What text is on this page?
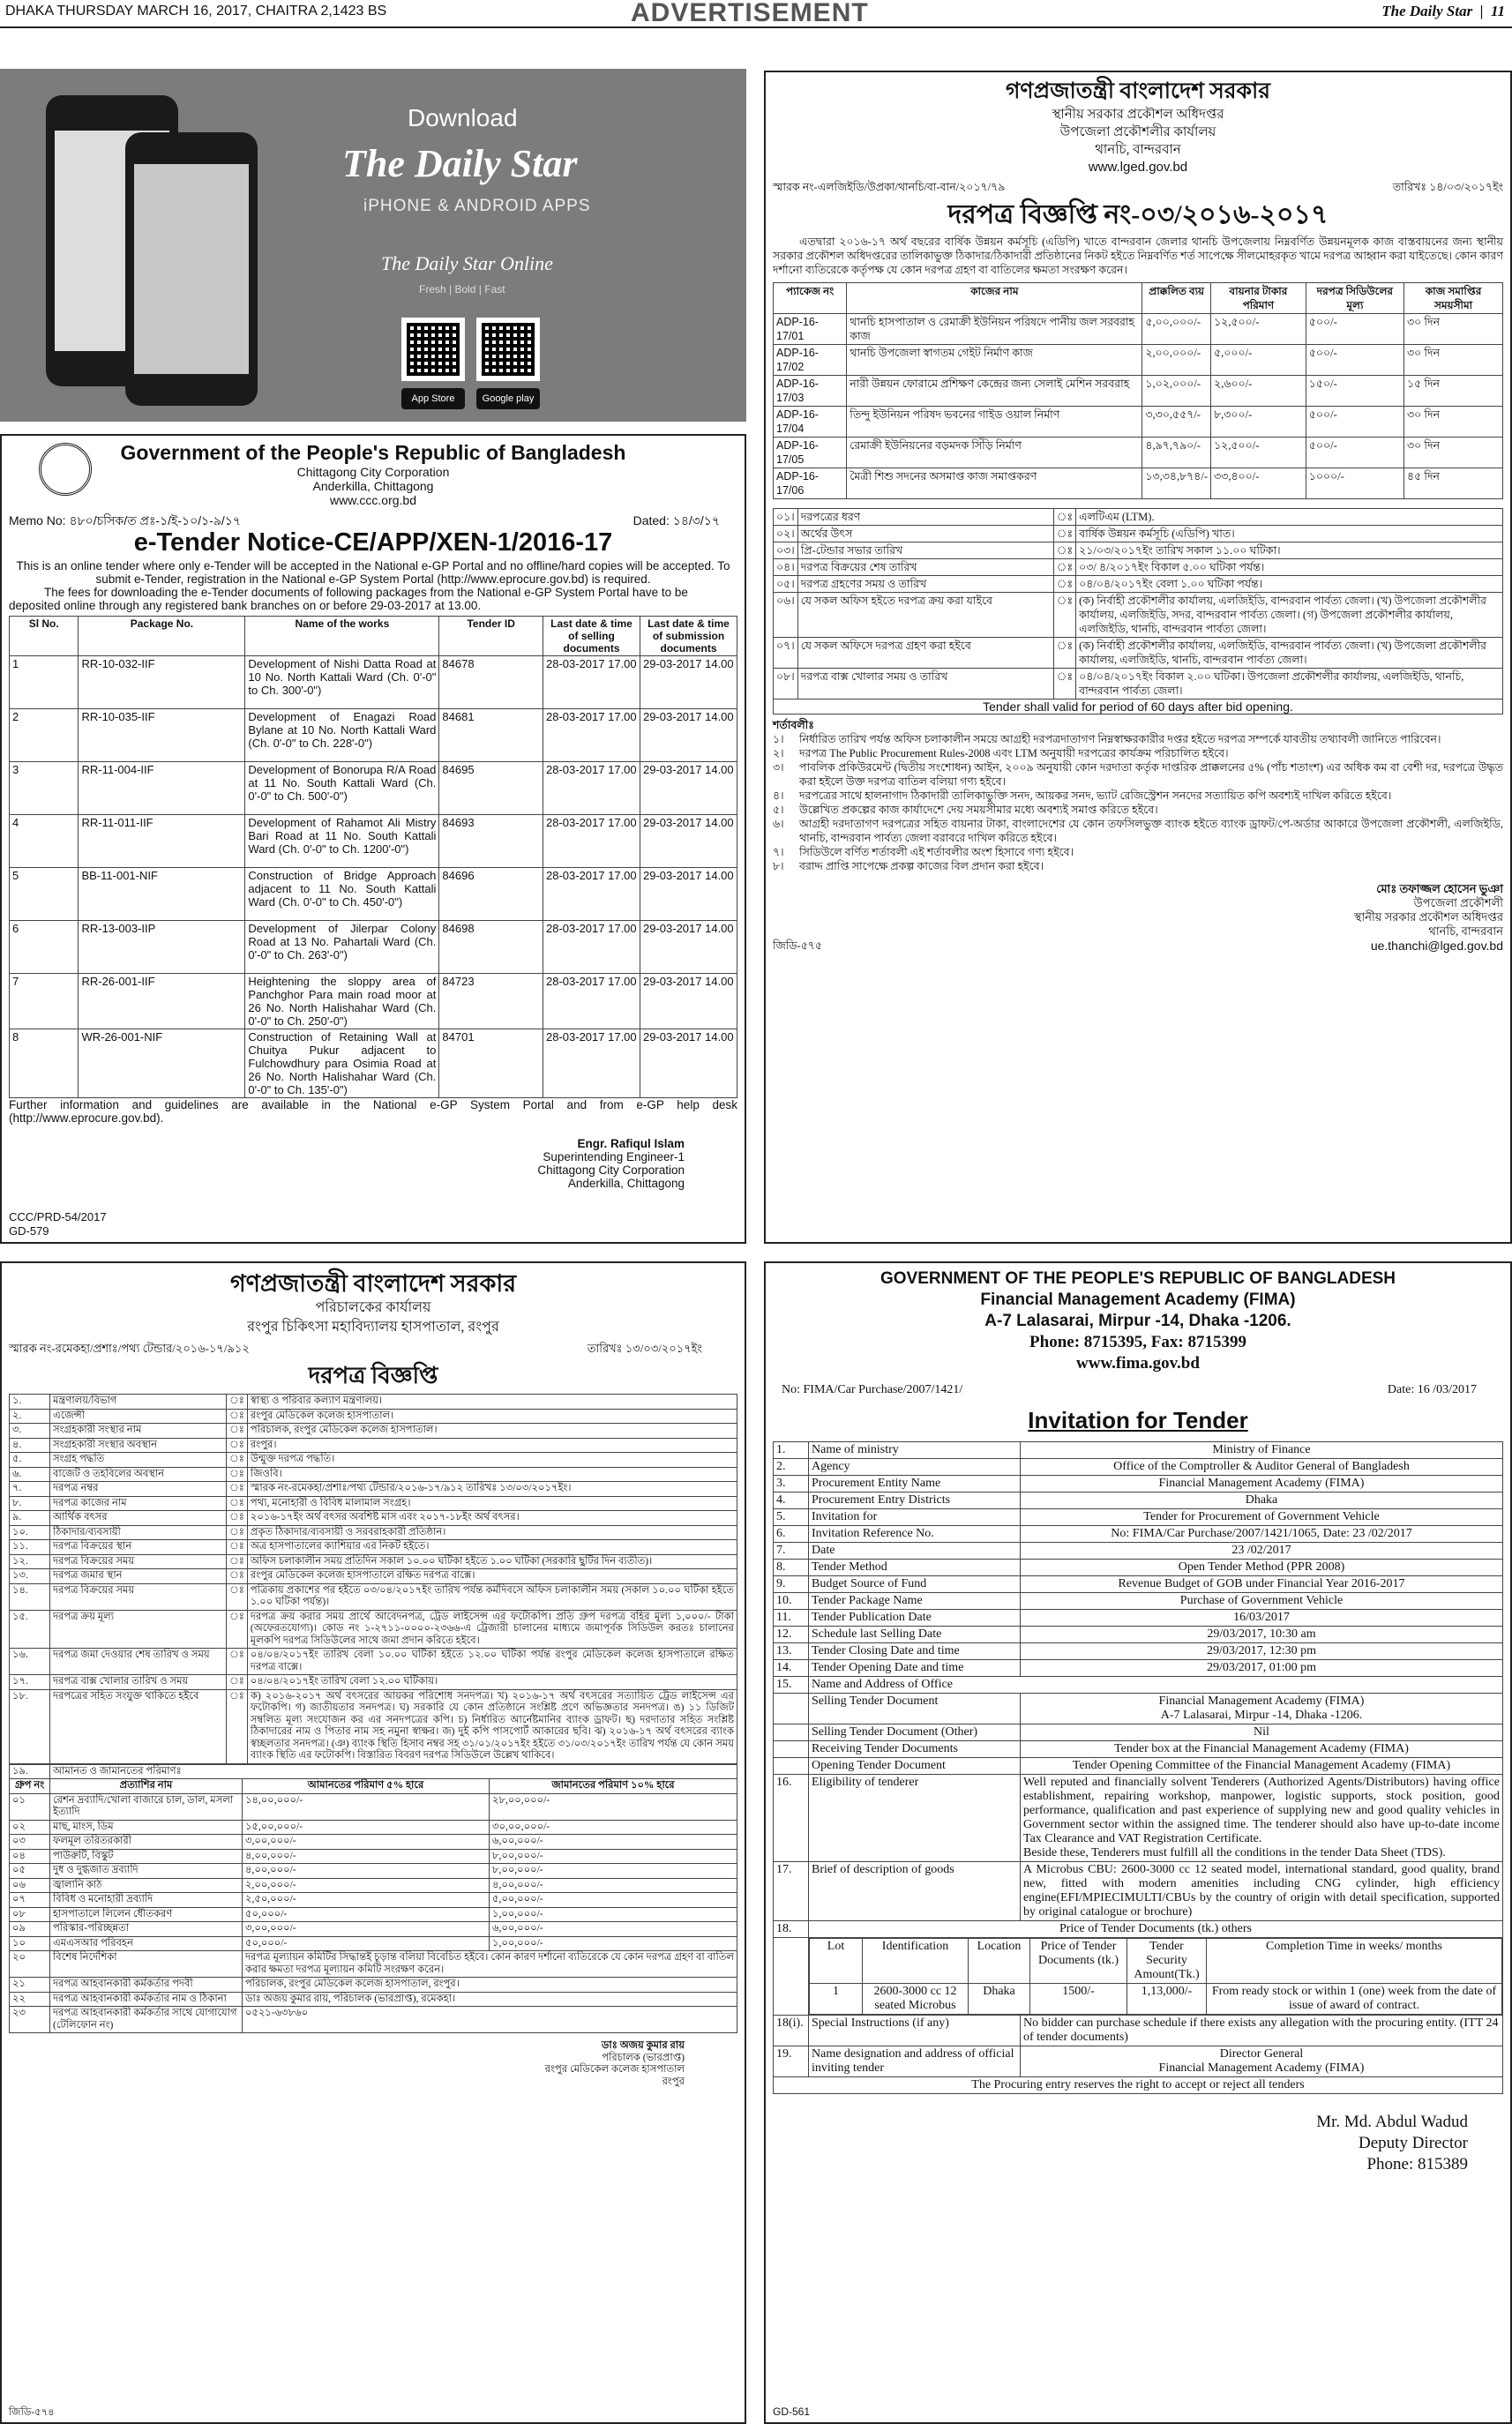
DHAKA THURSDAY MARCH 16, 2017, CHAITRA 2,1423 BS	ADVERTISEMENT	The Daily Star  |  11
Download
The Daily Star
iPHONE & ANDROID APPS
The Daily Star Online
Fresh | Bold | Fast
App Store	Google play
Government of the People's Republic of Bangladesh
Chittagong City Corporation
Anderkilla, Chittagong
www.ccc.org.bd
Memo No: ৪৮০/চসিক/ত প্রঃ-১/ই-১০/১-৯/১৭	Dated: ১৪/৩/১৭
e-Tender Notice-CE/APP/XEN-1/2016-17
This is an online tender where only e-Tender will be accepted in the National e-GP Portal and no offline/hard copies will be accepted. To submit e-Tender, registration in the National e-GP System Portal (http://www.eprocure.gov.bd) is required.
The fees for downloading the e-Tender documents of following packages from the National e-GP System Portal have to be deposited online through any registered bank branches on or before 29-03-2017 at 13.00.
Sl No.	Package No.	Name of the works	Tender ID	Last date & time of selling documents	Last date & time of submission documents
1	RR-10-032-IIF	Development of Nishi Datta Road at 10 No. North Kattali Ward (Ch. 0'-0" to Ch. 300'-0")	84678	28-03-2017 17.00	29-03-2017 14.00
2	RR-10-035-IIF	Development of Enagazi Road Bylane at 10 No. North Kattali Ward (Ch. 0'-0" to Ch. 228'-0")	84681	28-03-2017 17.00	29-03-2017 14.00
3	RR-11-004-IIF	Development of Bonorupa R/A Road at 11 No. South Kattali Ward (Ch. 0'-0" to Ch. 500'-0")	84695	28-03-2017 17.00	29-03-2017 14.00
4	RR-11-011-IIF	Development of Rahamot Ali Mistry Bari Road at 11 No. South Kattali Ward (Ch. 0'-0" to Ch. 1200'-0")	84693	28-03-2017 17.00	29-03-2017 14.00
5	BB-11-001-NIF	Construction of Bridge Approach adjacent to 11 No. South Kattali Ward (Ch. 0'-0" to Ch. 450'-0")	84696	28-03-2017 17.00	29-03-2017 14.00
6	RR-13-003-IIP	Development of Jilerpar Colony Road at 13 No. Pahartali Ward (Ch. 0'-0" to Ch. 263'-0")	84698	28-03-2017 17.00	29-03-2017 14.00
7	RR-26-001-IIF	Heightening the sloppy area of Panchghor Para main road moor at 26 No. North Halishahar Ward (Ch. 0'-0" to Ch. 250'-0")	84723	28-03-2017 17.00	29-03-2017 14.00
8	WR-26-001-NIF	Construction of Retaining Wall at Chuitya Pukur adjacent to Fulchowdhury para Osimia Road at 26 No. North Halishahar Ward (Ch. 0'-0" to Ch. 135'-0")	84701	28-03-2017 17.00	29-03-2017 14.00
Further information and guidelines are available in the National e-GP System Portal and from e-GP help desk (http://www.eprocure.gov.bd).
Engr. Rafiqul Islam
Superintending Engineer-1
Chittagong City Corporation
Anderkilla, Chittagong
CCC/PRD-54/2017
GD-579
গণপ্রজাতন্ত্রী বাংলাদেশ সরকার
স্থানীয় সরকার প্রকৌশল অধিদপ্তর
উপজেলা প্রকৌশলীর কার্যালয়
থানচি, বান্দরবান
www.lged.gov.bd
স্মারক নং-এলজিইডি/উপ্রকা/থানচি/বা-বান/২০১৭/৭৯	তারিখঃ ১৪/০৩/২০১৭ইং
দরপত্র বিজ্ঞপ্তি নং-০৩/২০১৬-২০১৭
এতদ্বারা ২০১৬-১৭ অর্থ বছরের বার্ষিক উন্নয়ন কর্মসূচি (এডিপি) খাতে বান্দরবান জেলার থানচি উপজেলায় নিম্নবর্ণিত উন্নয়নমূলক কাজ বাস্তবায়নের জন্য স্থানীয় সরকার প্রকৌশল অধিদপ্তরের তালিকাভুক্ত ঠিকাদার/ঠিকাদারী প্রতিষ্ঠানের নিকট হইতে নিম্নবর্ণিত শর্ত সাপেক্ষে সীলমোহরকৃত খামে দরপত্র আহ্বান করা যাইতেছে। কোন কারণ দর্শানো ব্যতিরেকে কর্তৃপক্ষ যে কোন দরপত্র গ্রহণ বা বাতিলের ক্ষমতা সংরক্ষণ করেন।
প্যাকেজ নং	কাজের নাম	প্রাক্কলিত ব্যয়	বায়নার টাকার পরিমাণ	দরপত্র সিডিউলের মূল্য	কাজ সমাপ্তির সময়সীমা
ADP-16-17/01	থানচি হাসপাতাল ও রেমাক্রী ইউনিয়ন পরিষদে পানীয় জল সরবরাহ কাজ	৫,০০,০০০/-	১২,৫০০/-	৫০০/-	৩০ দিন
ADP-16-17/02	থানচি উপজেলা স্বাগতম গেইট নির্মাণ কাজ	২,০০,০০০/-	৫,০০০/-	৫০০/-	৩০ দিন
ADP-16-17/03	নারী উন্নয়ন ফোরামে প্রশিক্ষণ কেন্দ্রের জন্য সেলাই মেশিন সরবরাহ	১,০২,০০০/-	২,৬০০/-	১৫০/-	১৫ দিন
ADP-16-17/04	তিন্দু ইউনিয়ন পরিষদ ভবনের গাইড ওয়াল নির্মাণ	৩,৩০,৫৫৭/-	৮,৩০০/-	৫০০/-	৩০ দিন
ADP-16-17/05	রেমাক্রী ইউনিয়নের বড়মদক সিঁড়ি নির্মাণ	৪,৯৭,৭৯০/-	১২,৫০০/-	৫০০/-	৩০ দিন
ADP-16-17/06	মৈত্রী শিশু সদনের অসমাপ্ত কাজ সমাপ্তকরণ	১৩,৩৪,৮৭৪/-	৩৩,৪০০/-	১০০০/-	৪৫ দিন
০১।	দরপত্রের ধরণ	ঃ	এলটিএম (LTM).
০২।	অর্থের উৎস	ঃ	বার্ষিক উন্নয়ন কর্মসূচি (এডিপি) খাত।
০৩।	প্রি-টেন্ডার সভার তারিখ	ঃ	২১/০৩/২০১৭ইং তারিখ সকাল ১১.০০ ঘটিকা।
০৪।	দরপত্র বিক্রয়ের শেষ তারিখ	ঃ	০৩/ ৪/২০১৭ইং বিকাল ৫.০০ ঘটিকা পর্যন্ত।
০৫।	দরপত্র গ্রহণের সময় ও তারিখ	ঃ	০৪/০৪/২০১৭ইং বেলা ১.০০ ঘটিকা পর্যন্ত।
০৬।	যে সকল অফিস হইতে দরপত্র ক্রয় করা যাইবে	ঃ	(ক) নির্বাহী প্রকৌশলীর কার্যালয়, এলজিইডি, বান্দরবান পার্বত্য জেলা। (খ) উপজেলা প্রকৌশলীর কার্যালয়, এলজিইডি, সদর, বান্দরবান পার্বত্য জেলা। (গ) উপজেলা প্রকৌশলীর কার্যালয়, এলজিইডি, থানচি, বান্দরবান পার্বত্য জেলা।
০৭।	যে সকল অফিসে দরপত্র গ্রহণ করা হইবে	ঃ	(ক) নির্বাহী প্রকৌশলীর কার্যালয়, এলজিইডি, বান্দরবান পার্বত্য জেলা। (খ) উপজেলা প্রকৌশলীর কার্যালয়, এলজিইডি, থানচি, বান্দরবান পার্বত্য জেলা।
০৮।	দরপত্র বাক্স খোলার সময় ও তারিখ	ঃ	০৪/০৪/২০১৭ইং বিকাল ২.০০ ঘটিকা। উপজেলা প্রকৌশলীর কার্যালয়, এলজিইডি, থানচি, বান্দরবান পার্বত্য জেলা।
Tender shall valid for period of 60 days after bid opening.
শর্তাবলীঃ
১।	নির্ধারিত তারিখ পর্যন্ত অফিস চলাকালীন সময়ে আগ্রহী দরপত্রদাতাগণ নিম্নস্বাক্ষরকারীর দপ্তর হইতে দরপত্র সম্পর্কে যাবতীয় তথ্যাবলী জানিতে পারিবেন।
২।	দরপত্র The Public Procurement Rules-2008 এবং LTM অনুযায়ী দরপত্রের কার্যক্রম পরিচালিত হইবে।
৩।	পাবলিক প্রকিউরমেন্ট (দ্বিতীয় সংশোধন) আইন, ২০০৯ অনুযায়ী কোন দরদাতা কর্তৃক দাপ্তরিক প্রাক্কলনের ৫% (পাঁচ শতাংশ) এর অধিক কম বা বেশী দর, দরপত্রে উদ্ধৃত করা হইলে উক্ত দরপত্র বাতিল বলিয়া গণ্য হইবে।
৪।	দরপত্রের সাথে হালনাগাদ ঠিকাদারী তালিকাভুক্তি সনদ, আয়কর সনদ, ভ্যাট রেজিস্ট্রেশন সনদের সত্যায়িত কপি অবশ্যই দাখিল করিতে হইবে।
৫।	উল্লেখিত প্রকল্পের কাজ কার্যাদেশে দেয় সময়সীমার মধ্যে অবশ্যই সমাপ্ত করিতে হইবে।
৬।	আগ্রহী দরদাতাগণ দরপত্রের সহিত বায়নার টাকা, বাংলাদেশের যে কোন তফসিলভুক্ত ব্যাংক হইতে ব্যাংক ড্রাফট/পে-অর্ডার আকারে উপজেলা প্রকৌশলী, এলজিইডি, থানচি, বান্দরবান পার্বত্য জেলা বরাবরে দাখিল করিতে হইবে।
৭।	সিডিউলে বর্ণিত শর্তাবলী এই শর্তাবলীর অংশ হিসাবে গণ্য হইবে।
৮।	বরাদ্দ প্রাপ্তি সাপেক্ষে প্রকল্প কাজের বিল প্রদান করা হইবে।
মোঃ তফাজ্জল হোসেন ভুঞা
উপজেলা প্রকৌশলী
স্থানীয় সরকার প্রকৌশল অধিদপ্তর
থানচি, বান্দরবান
জিডি-৫৭৫	ue.thanchi@lged.gov.bd
গণপ্রজাতন্ত্রী বাংলাদেশ সরকার
পরিচালকের কার্যালয়
রংপুর চিকিৎসা মহাবিদ্যালয় হাসপাতাল, রংপুর
স্মারক নং-রমেকহা/প্রশাঃ/পথ্য টেন্ডার/২০১৬-১৭/৯১২	তারিখঃ ১৩/০৩/২০১৭ইং
দরপত্র বিজ্ঞপ্তি
১.	মন্ত্রণালয়/বিভাগ	ঃ	স্বাস্থ্য ও পরিবার কল্যাণ মন্ত্রণালয়।
২.	এজেন্সী	ঃ	রংপুর মেডিকেল কলেজ হাসপাতাল।
৩.	সংগ্রহকারী সংস্থার নাম	ঃ	পরিচালক, রংপুর মেডিকেল কলেজ হাসপাতাল।
৪.	সংগ্রহকারী সংস্থার অবস্থান	ঃ	রংপুর।
৫.	সংগ্রহ পদ্ধতি	ঃ	উন্মুক্ত দরপত্র পদ্ধতি।
৬.	বাজেট ও তহবিলের অবস্থান	ঃ	জিওবি।
৭.	দরপত্র নম্বর	ঃ	স্মারক নং-রমেকহা/প্রশাঃ/পথ্য টেন্ডার/২০১৬-১৭/৯১২ তারিখঃ ১৩/০৩/২০১৭ইং।
৮.	দরপত্র কাজের নাম	ঃ	পথ্য, মনোহারী ও বিবিধ মালামাল সংগ্রহ।
৯.	আর্থিক বৎসর	ঃ	২০১৬-১৭ইং অর্থ বৎসর অবশিষ্ট মাস এবং ২০১৭-১৮ইং অর্থ বৎসর।
১০.	ঠিকাদার/ব্যবসায়ী	ঃ	প্রকৃত ঠিকাদার/ব্যবসায়ী ও সরবরাহকারী প্রতিষ্ঠান।
১১.	দরপত্র বিক্রয়ের স্থান	ঃ	অত্র হাসপাতালের ক্যাশিয়ার এর নিকট হইতে।
১২.	দরপত্র বিক্রয়ের সময়	ঃ	অফিস চলাকালীন সময় প্রতিদিন সকাল ১০.০০ ঘটিকা হইতে ১.০০ ঘটিকা (সরকারি ছুটির দিন ব্যতীত)।
১৩.	দরপত্র জমার স্থান	ঃ	রংপুর মেডিকেল কলেজ হাসপাতালে রক্ষিত দরপত্র বাক্সে।
১৪.	দরপত্র বিক্রয়ের সময়	ঃ	পত্রিকায় প্রকাশের পর হইতে ০৩/০৪/২০১৭ইং তারিখ পর্যন্ত কর্মদিবসে অফিস চলাকালীন সময় (সকাল ১০.০০ ঘটিকা হইতে ১.০০ ঘটিকা পর্যন্ত)।
১৫.	দরপত্র ক্রয় মূল্য	ঃ	দরপত্র ক্রয় করার সময় প্রার্থে আবেদনপত্র, ট্রেড লাইসেন্স এর ফটোকপি। প্রতি গ্রুপ দরপত্র বহির মূল্য ১,০০০/- টাকা (অফেরতযোগ্য)। কোড নং ১-২৭১১-০০০০-২৩৬৬-এ ট্রেজারী চালানের মাধ্যমে জমাপূর্বক সিডিউল করতঃ চালানের মূলকপি দরপত্র সিডিউলের সাথে জমা প্রদান করিতে হইবে।
১৬.	দরপত্র জমা দেওয়ার শেষ তারিখ ও সময়	ঃ	০৪/০৪/২০১৭ইং তারিখ বেলা ১০.০০ ঘটিকা হইতে ১২.০০ ঘটিকা পর্যন্ত রংপুর মেডিকেল কলেজ হাসপাতালে রক্ষিত দরপত্র বাক্সে।
১৭.	দরপত্র বাক্স খোলার তারিখ ও সময়	ঃ	০৪/০৪/২০১৭ইং তারিখ বেলা ১২.০০ ঘটিকায়।
১৮.	দরপত্রের সহিত সংযুক্ত থাকিতে হইবে	ঃ	ক) ২০১৬-২০১৭ অর্থ বৎসরের আয়কর পরিশোধ সনদপত্র। খ) ২০১৬-১৭ অর্থ বৎসরের সত্যায়িত ট্রেড লাইসেন্স এর ফটোকপি। গ) জাতীয়তার সনদপত্র। ঘ) সরকারি যে কোন প্রতিষ্ঠানে সংশ্লিষ্ট প্রণে অভিজ্ঞতার সনদপত্র। ঙ) ১১ ডিজিট সম্বলিত মূল্য সংযোজন কর এর সনদপত্রের কপি। চ) নির্ধারিত আর্নেষ্টমানির ব্যাংক ড্রাফট। ছ) দরদাতার সহিত সংশ্লিষ্ট ঠিকাদারের নাম ও পিতার নাম সহ নমুনা স্বাক্ষর। জ) দুই কপি পাসপোর্ট আকারের ছবি। ঝ) ২০১৬-১৭ অর্থ বৎসরের ব্যাংক স্বচ্ছলতার সনদপত্র। (ঞ) ব্যাংক স্থিতি হিসাব নম্বর সহ ৩১/০১/২০১৭ইং হইতে ৩১/০৩/২০১৭ইং তারিখ পর্যন্ত যে কোন সময় ব্যাংক স্থিতি এর ফটোকপি। বিস্তারিত বিবরণ দরপত্র সিডিউলে উল্লেখ থাকিবে।
১৯.	আমানত ও জামানতের পরিমাণঃ		
গ্রুপ নং	প্রত্যাশির নাম	আমানতের পরিমাণ ৫% হারে	জামানতের পরিমাণ ১০% হারে
০১	রেশন দ্রব্যাদি/খোলা বাজারে চাল, ডাল, মসলা ইত্যাদি	১৪,০০,০০০/-	২৮,০০,০০০/-
০২	মাছ, মাংস, ডিম	১৫,০০,০০০/-	৩০,০০,০০০/-
০৩	ফলমূল তরিতরকারী	৩,০০,০০০/-	৬,০০,০০০/-
০৪	পাউরুটি, বিস্কুট	৪,০০,০০০/-	৮,০০,০০০/-
০৫	দুধ ও দুগ্ধজাত দ্রব্যাদি	৪,০০,০০০/-	৮,০০,০০০/-
০৬	জ্বালানি কাঠ	২,০০,০০০/-	৪,০০,০০০/-
০৭	বিবিধ ও মনোহারী দ্রব্যাদি	২,৫০,০০০/-	৫,০০,০০০/-
০৮	হাসপাতালে লিলেন ধৌতকরণ	৫০,০০০/-	১,০০,০০০/-
০৯	পরিস্কার-পরিচ্ছন্নতা	৩,০০,০০০/-	৬,০০,০০০/-
১০	এমএসআর পরিবহন	৫০,০০০/-	১,০০,০০০/-
২০	বিশেষ নির্দেশিকা	দরপত্র মূল্যায়ন কমিটির সিদ্ধান্তই চূড়ান্ত বলিয়া বিবেচিত হইবে। কোন কারণ দর্শানো ব্যতিরেকে যে কোন দরপত্র গ্রহণ বা বাতিল করার ক্ষমতা দরপত্র মূল্যায়ন কমিটি সংরক্ষণ করেন।	
২১	দরপত্র আহবানকারী কর্মকর্তার পদবী	পরিচালক, রংপুর মেডিকেল কলেজ হাসপাতাল, রংপুর।	
২২	দরপত্র আহবানকারী কর্মকর্তার নাম ও ঠিকানা	ডাঃ অজয় কুমার রায়, পরিচালক (ভারপ্রাপ্ত), রমেকহা।	
২৩	দরপত্র আহবানকারী কর্মকর্তার সাথে যোগাযোগ (টেলিফোন নং)	০৫২১-৬৩৮৬০	
ডাঃ অজয় কুমার রায়
পরিচালক (ভারপ্রাপ্ত)
রংপুর মেডিকেল কলেজ হাসপাতাল
রংপুর
জিডি-৫৭৪
GOVERNMENT OF THE PEOPLE'S REPUBLIC OF BANGLADESH
Financial Management Academy (FIMA)
A-7 Lalasarai, Mirpur -14, Dhaka -1206.
Phone: 8715395, Fax: 8715399
www.fima.gov.bd
No: FIMA/Car Purchase/2007/1421/	Date: 16 /03/2017
Invitation for Tender
1.	Name of ministry	Ministry of Finance
2.	Agency	Office of the Comptroller & Auditor General of Bangladesh
3.	Procurement Entity Name	Financial Management Academy (FIMA)
4.	Procurement Entry Districts	Dhaka
5.	Invitation for	Tender for Procurement of Government Vehicle
6.	Invitation Reference No.	No: FIMA/Car Purchase/2007/1421/1065, Date: 23 /02/2017
7.	Date	23 /02/2017
8.	Tender Method	Open Tender Method (PPR 2008)
9.	Budget Source of Fund	Revenue Budget of GOB under Financial Year 2016-2017
10.	Tender Package Name	Purchase of Government Vehicle
11.	Tender Publication Date	16/03/2017
12.	Schedule last Selling Date	29/03/2017, 10:30 am
13.	Tender Closing Date and time	29/03/2017, 12:30 pm
14.	Tender Opening Date and time	29/03/2017, 01:00 pm
15.	Name and Address of Office
	Selling Tender Document	Financial Management Academy (FIMA)
A-7 Lalasarai, Mirpur -14, Dhaka -1206.

	Selling Tender Document (Other)	Nil
	Receiving Tender Documents	Tender box at the Financial Management Academy (FIMA)
	Opening Tender Document	Tender Opening Committee of the Financial Management Academy (FIMA)
16.	Eligibility of tenderer	Well reputed and financially solvent Tenderers (Authorized Agents/Distributors) having office establishment, repairing workshop, manpower, logistic supports, stock position, good performance, qualification and past experience of supplying new and good quality vehicles in Government sector within the assigned time. The tenderer should also have up-to-date income Tax Clearance and VAT Registration Certificate.
Beside these, Tenderers must fulfill all the conditions in the tender Data Sheet (TDS).

17.	Brief of description of goods	A Microbus CBU: 2600-3000 cc 12 seated model, international standard, good quality, brand new, fitted with modern amenities including CNG cylinder, high efficiency engine(EFI/MPIECIMULTI/CBUs by the country of origin with detail specification, supported by original catalogue or brochure)
18.	Price of Tender Documents (tk.) others

Lot	Identification	Location	Price of Tender Documents (tk.)	Tender Security Amount(Tk.)	Completion Time in weeks/ months
1	2600-3000 cc 12 seated Microbus	Dhaka	1500/-	1,13,000/-	From ready stock or within 1 (one) week from the date of issue of award of contract.

18(i).	Special Instructions (if any)	No bidder can purchase schedule if there exists any allegation with the procuring entity. (ITT 24 of tender documents)
19.	Name designation and address of official inviting tender	
Director General
Financial Management Academy (FIMA)

The Procuring entry reserves the right to accept or reject all tenders
Mr. Md. Abdul Wadud
Deputy Director
Phone: 815389
GD-561
